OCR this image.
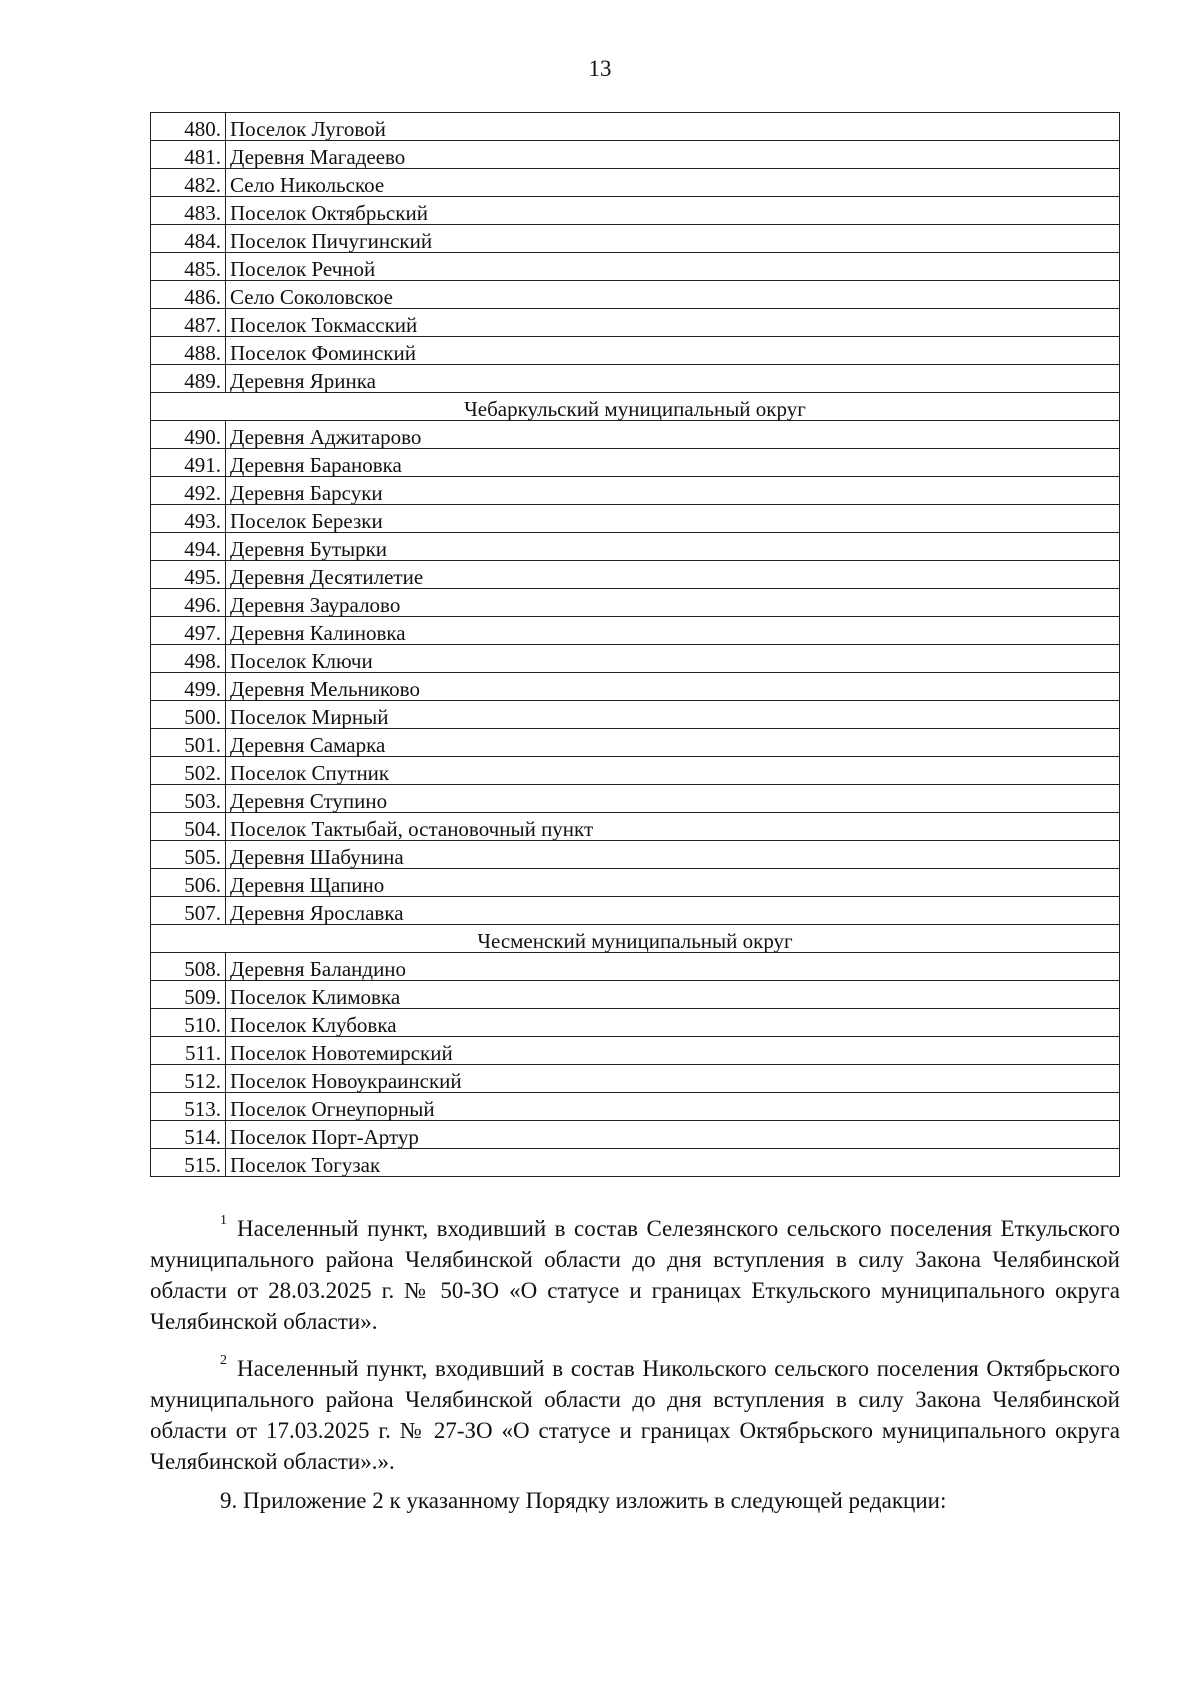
13
480.	Поселок Луговой
481.	Деревня Магадеево
482.	Село Никольское
483.	Поселок Октябрьский
484.	Поселок Пичугинский
485.	Поселок Речной
486.	Село Соколовское
487.	Поселок Токмасский
488.	Поселок Фоминский
489.	Деревня Яринка
Чебаркульский муниципальный округ	
490.	Деревня Аджитарово
491.	Деревня Барановка
492.	Деревня Барсуки
493.	Поселок Березки
494.	Деревня Бутырки
495.	Деревня Десятилетие
496.	Деревня Зауралово
497.	Деревня Калиновка
498.	Поселок Ключи
499.	Деревня Мельниково
500.	Поселок Мирный
501.	Деревня Самарка
502.	Поселок Спутник
503.	Деревня Ступино
504.	Поселок Тактыбай, остановочный пункт
505.	Деревня Шабунина
506.	Деревня Щапино
507.	Деревня Ярославка
Чесменский муниципальный округ	
508.	Деревня Баландино
509.	Поселок Климовка
510.	Поселок Клубовка
511.	Поселок Новотемирский
512.	Поселок Новоукраинский
513.	Поселок Огнеупорный
514.	Поселок Порт-Артур
515.	Поселок Тогузак

$^1$ Населенный пункт, входивший в состав Селезянского сельского поселения Еткульского муниципального района Челябинской области до дня вступления в силу Закона Челябинской области от 28.03.2025 г. № 50-ЗО «О статусе и границах Еткульского муниципального округа Челябинской области».

$^2$ Населенный пункт, входивший в состав Никольского сельского поселения Октябрьского муниципального района Челябинской области до дня вступления в силу Закона Челябинской области от 17.03.2025 г. № 27-ЗО «О статусе и границах Октябрьского муниципального округа Челябинской области».».

9. Приложение 2 к указанному Порядку изложить в следующей редакции:
